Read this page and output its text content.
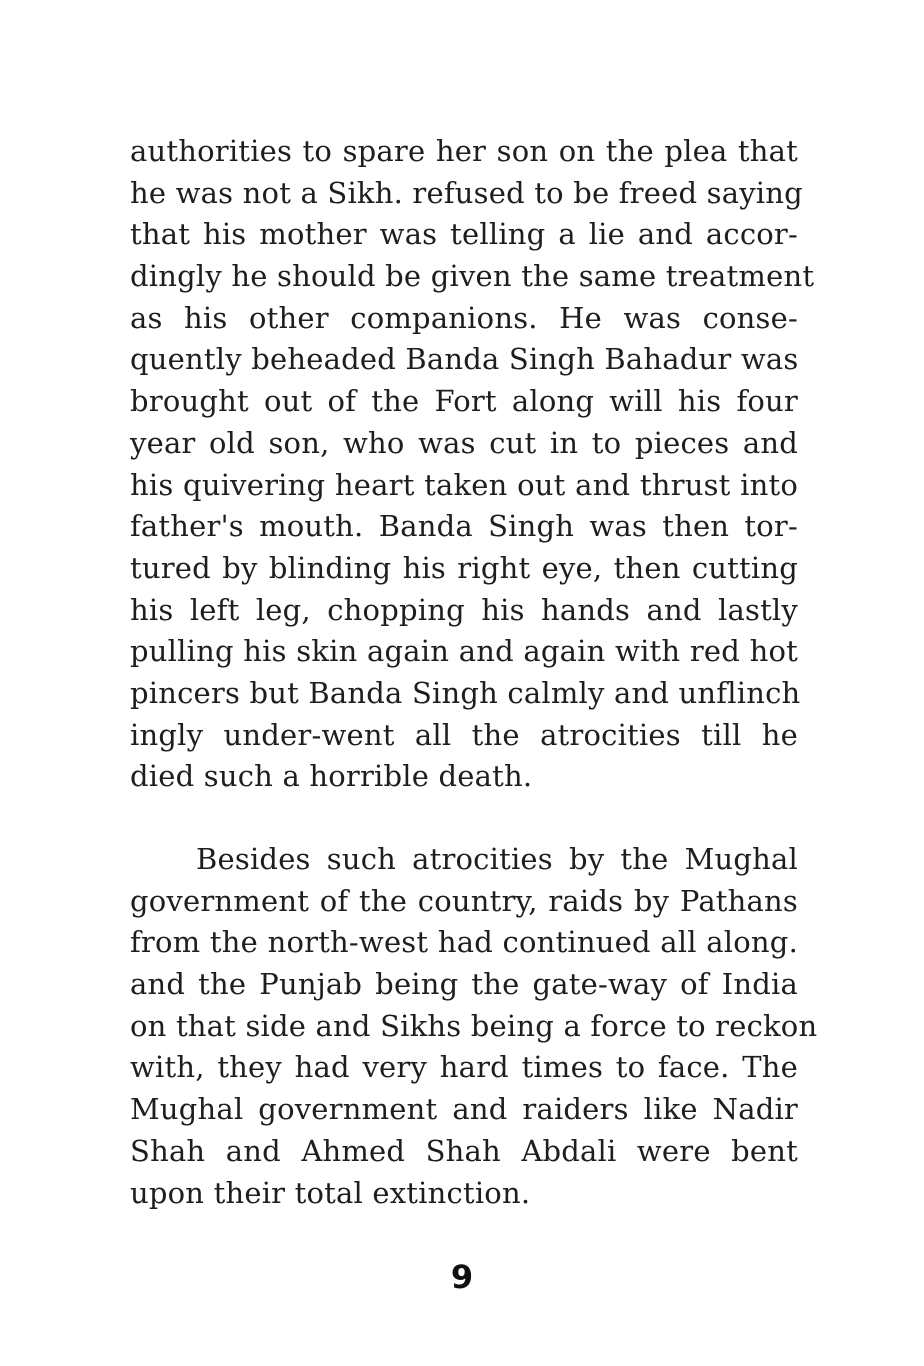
authorities to spare her son on the plea that
he was not a Sikh. refused to be freed saying
that his mother was telling a lie and accor-
dingly he should be given the same treatment
as his other companions. He was conse-
quently beheaded Banda Singh Bahadur was
brought out of the Fort along will his four
year old son, who was cut in to pieces and
his quivering heart taken out and thrust into
father's mouth. Banda Singh was then tor-
tured by blinding his right eye, then cutting
his left leg, chopping his hands and lastly
pulling his skin again and again with red hot
pincers but Banda Singh calmly and unflinch
ingly under-went all the atrocities till he
died such a horrible death.
Besides such atrocities by the Mughal
government of the country, raids by Pathans
from the north-west had continued all along.
and the Punjab being the gate-way of India
on that side and Sikhs being a force to reckon
with, they had very hard times to face. The
Mughal government and raiders like Nadir
Shah and Ahmed Shah Abdali were bent
upon their total extinction.
9
